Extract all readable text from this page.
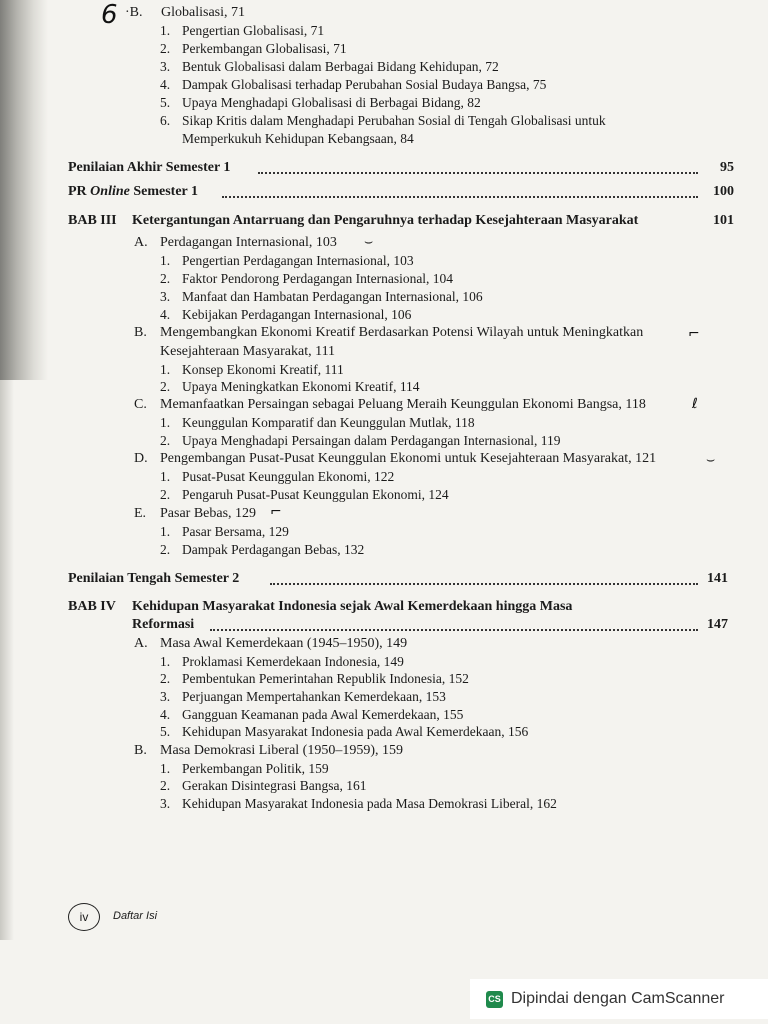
6 ·B. Globalisasi, 71
1. Pengertian Globalisasi, 71
2. Perkembangan Globalisasi, 71
3. Bentuk Globalisasi dalam Berbagai Bidang Kehidupan, 72
4. Dampak Globalisasi terhadap Perubahan Sosial Budaya Bangsa, 75
5. Upaya Menghadapi Globalisasi di Berbagai Bidang, 82
6. Sikap Kritis dalam Menghadapi Perubahan Sosial di Tengah Globalisasi untuk
Memperkukuh Kehidupan Kebangsaan, 84
Penilaian Akhir Semester 1	95
PR Online Semester 1	100
BAB III Ketergantungan Antarruang dan Pengaruhnya terhadap Kesejahteraan Masyarakat	101
A. Perdagangan Internasional, 103 ⌣
1. Pengertian Perdagangan Internasional, 103
2. Faktor Pendorong Perdagangan Internasional, 104
3. Manfaat dan Hambatan Perdagangan Internasional, 106
4. Kebijakan Perdagangan Internasional, 106
B. Mengembangkan Ekonomi Kreatif Berdasarkan Potensi Wilayah untuk Meningkatkan	⌐
Kesejahteraan Masyarakat, 111
1. Konsep Ekonomi Kreatif, 111
2. Upaya Meningkatkan Ekonomi Kreatif, 114
C. Memanfaatkan Persaingan sebagai Peluang Meraih Keunggulan Ekonomi Bangsa, 118	ℓ
1. Keunggulan Komparatif dan Keunggulan Mutlak, 118
2. Upaya Menghadapi Persaingan dalam Perdagangan Internasional, 119
D. Pengembangan Pusat-Pusat Keunggulan Ekonomi untuk Kesejahteraan Masyarakat, 121	⌣
1. Pusat-Pusat Keunggulan Ekonomi, 122
2. Pengaruh Pusat-Pusat Keunggulan Ekonomi, 124
E. Pasar Bebas, 129 ⌐
1. Pasar Bersama, 129
2. Dampak Perdagangan Bebas, 132
Penilaian Tengah Semester 2	141
BAB IV Kehidupan Masyarakat Indonesia sejak Awal Kemerdekaan hingga Masa
Reformasi	147
A. Masa Awal Kemerdekaan (1945–1950), 149
1. Proklamasi Kemerdekaan Indonesia, 149
2. Pembentukan Pemerintahan Republik Indonesia, 152
3. Perjuangan Mempertahankan Kemerdekaan, 153
4. Gangguan Keamanan pada Awal Kemerdekaan, 155
5. Kehidupan Masyarakat Indonesia pada Awal Kemerdekaan, 156
B. Masa Demokrasi Liberal (1950–1959), 159
1. Perkembangan Politik, 159
2. Gerakan Disintegrasi Bangsa, 161
3. Kehidupan Masyarakat Indonesia pada Masa Demokrasi Liberal, 162
iv	Daftar Isi
CS Dipindai dengan CamScanner
